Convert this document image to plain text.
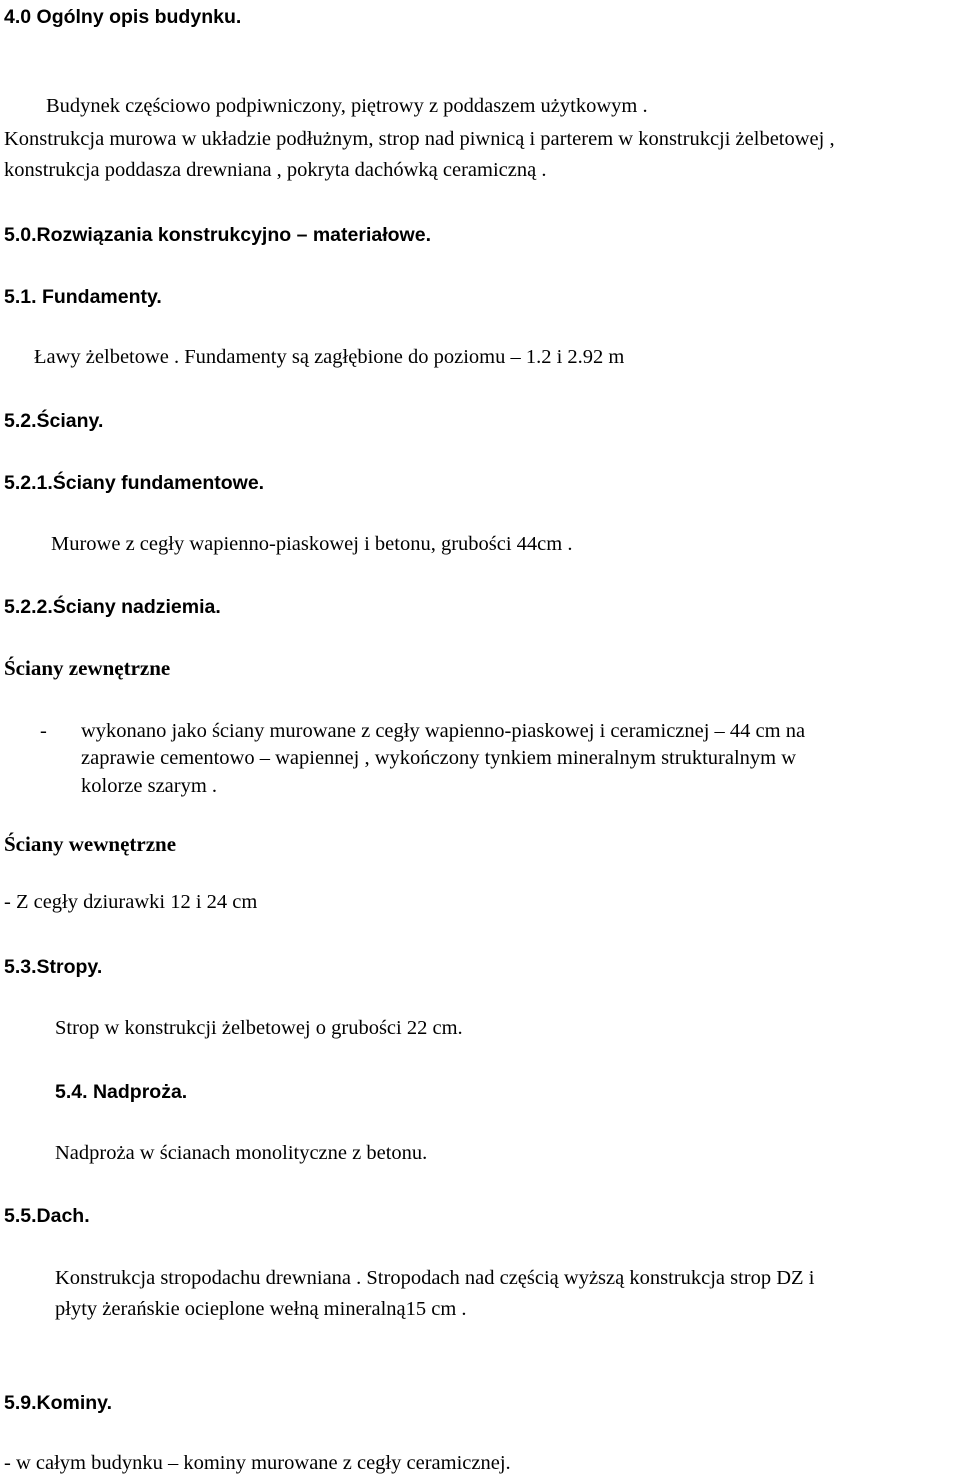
4.0 Ogólny opis budynku.
Budynek częściowo podpiwniczony, piętrowy z poddaszem użytkowym .
Konstrukcja murowa w układzie podłużnym, strop nad piwnicą i parterem w konstrukcji żelbetowej ,
konstrukcja poddasza drewniana , pokryta dachówką ceramiczną .
5.0.Rozwiązania konstrukcyjno – materiałowe.
5.1. Fundamenty.
Ławy żelbetowe . Fundamenty są zagłębione do poziomu – 1.2 i 2.92 m
5.2.Ściany.
5.2.1.Ściany fundamentowe.
Murowe z cegły wapienno-piaskowej i betonu, grubości 44cm .
5.2.2.Ściany nadziemia.
Ściany zewnętrzne
- wykonano jako ściany murowane z cegły wapienno-piaskowej i ceramicznej – 44 cm na
zaprawie cementowo – wapiennej , wykończony tynkiem mineralnym strukturalnym w
kolorze szarym .
Ściany wewnętrzne
- Z cegły dziurawki 12 i 24 cm
5.3.Stropy.
Strop w konstrukcji żelbetowej o grubości 22 cm.
5.4. Nadproża.
Nadproża w ścianach monolityczne z betonu.
5.5.Dach.
Konstrukcja stropodachu drewniana . Stropodach nad częścią wyższą konstrukcja strop DZ i
płyty żerańskie ocieplone wełną mineralną15 cm .
5.9.Kominy.
- w całym budynku – kominy murowane z cegły ceramicznej.
